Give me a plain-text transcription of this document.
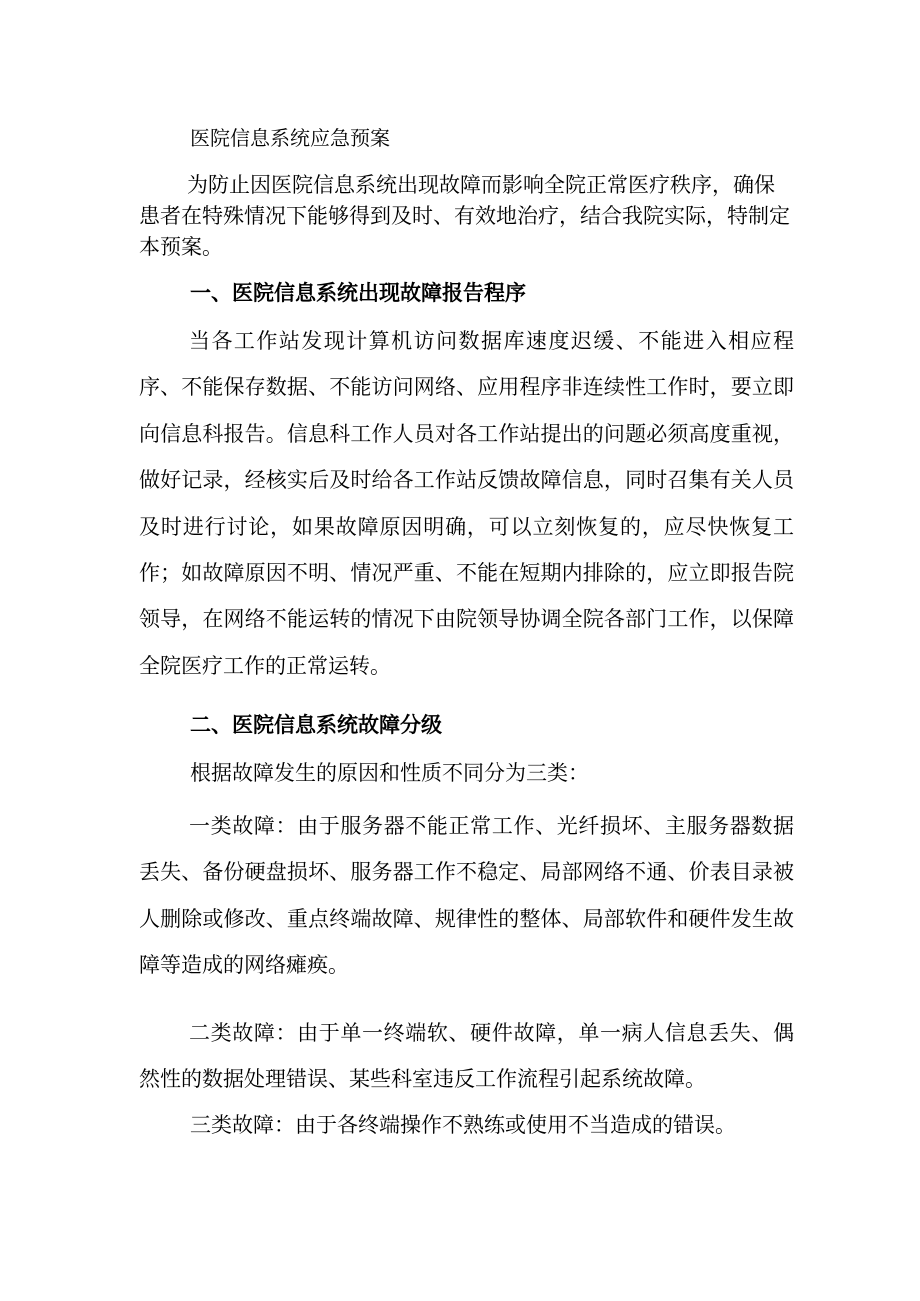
医院信息系统应急预案

为防止因医院信息系统出现故障而影响全院正常医疗秩序，确保患者在特殊情况下能够得到及时、有效地治疗，结合我院实际，特制定本预案。

一、医院信息系统出现故障报告程序

当各工作站发现计算机访问数据库速度迟缓、不能进入相应程序、不能保存数据、不能访问网络、应用程序非连续性工作时，要立即向信息科报告。信息科工作人员对各工作站提出的问题必须高度重视，做好记录，经核实后及时给各工作站反馈故障信息，同时召集有关人员及时进行讨论，如果故障原因明确，可以立刻恢复的，应尽快恢复工作；如故障原因不明、情况严重、不能在短期内排除的，应立即报告院领导，在网络不能运转的情况下由院领导协调全院各部门工作，以保障全院医疗工作的正常运转。

二、医院信息系统故障分级

根据故障发生的原因和性质不同分为三类：

一类故障：由于服务器不能正常工作、光纤损坏、主服务器数据丢失、备份硬盘损坏、服务器工作不稳定、局部网络不通、价表目录被人删除或修改、重点终端故障、规律性的整体、局部软件和硬件发生故障等造成的网络瘫痪。

二类故障：由于单一终端软、硬件故障，单一病人信息丢失、偶然性的数据处理错误、某些科室违反工作流程引起系统故障。

三类故障：由于各终端操作不熟练或使用不当造成的错误。
